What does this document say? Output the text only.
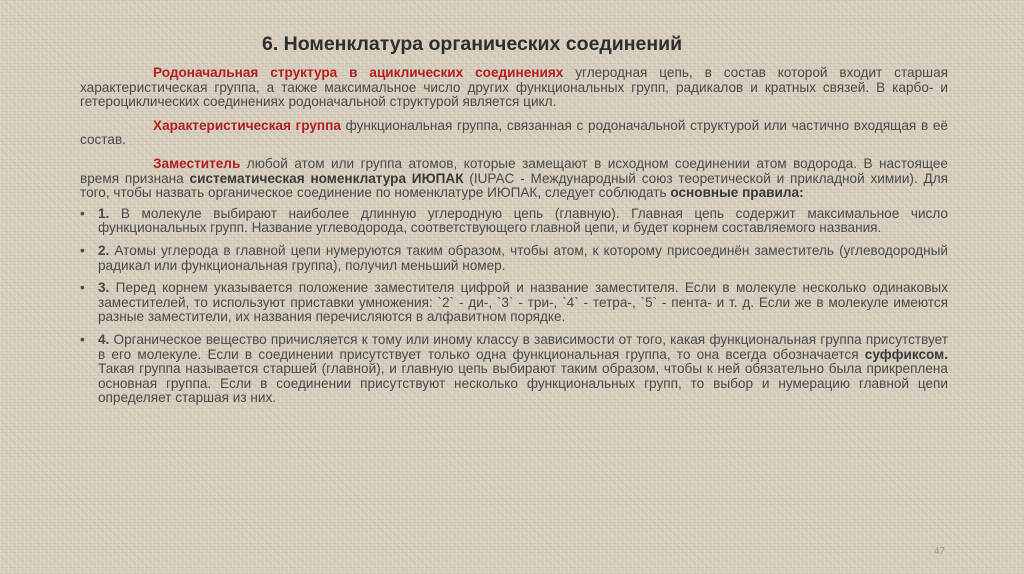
6. Номенклатура органических соединений

Родоначальная структура в ациклических соединениях углеродная цепь, в состав которой входит старшая характеристическая группа, а также максимальное число других функциональных групп, радикалов и кратных связей. В карбо- и гетероциклических соединениях родоначальной структурой является цикл.

Характеристическая группа функциональная группа, связанная с родоначальной структурой или частично входящая в её состав.

Заместитель любой атом или группа атомов, которые замещают в исходном соединении атом водорода. В настоящее время признана систематическая номенклатура ИЮПАК (IUPAC - Международный союз теоретической и прикладной химии). Для того, чтобы назвать органическое соединение по номенклатуре ИЮПАК, следует соблюдать основные правила:

• 1. В молекуле выбирают наиболее длинную углеродную цепь (главную). Главная цепь содержит максимальное число функциональных групп. Название углеводорода, соответствующего главной цепи, и будет корнем составляемого названия.
• 2. Атомы углерода в главной цепи нумеруются таким образом, чтобы атом, к которому присоединён заместитель (углеводородный радикал или функциональная группа), получил меньший номер.
• 3. Перед корнем указывается положение заместителя цифрой и название заместителя. Если в молекуле несколько одинаковых заместителей, то используют приставки умножения: `2` - ди-, `3` - три-, `4` - тетра-, `5` - пента- и т. д. Если же в молекуле имеются разные заместители, их названия перечисляются в алфавитном порядке.
• 4. Органическое вещество причисляется к тому или иному классу в зависимости от того, какая функциональная группа присутствует в его молекуле. Если в соединении присутствует только одна функциональная группа, то она всегда обозначается суффиксом. Такая группа называется старшей (главной), и главную цепь выбирают таким образом, чтобы к ней обязательно была прикреплена основная группа. Если в соединении присутствуют несколько функциональных групп, то выбор и нумерацию главной цепи определяет старшая из них.
47
